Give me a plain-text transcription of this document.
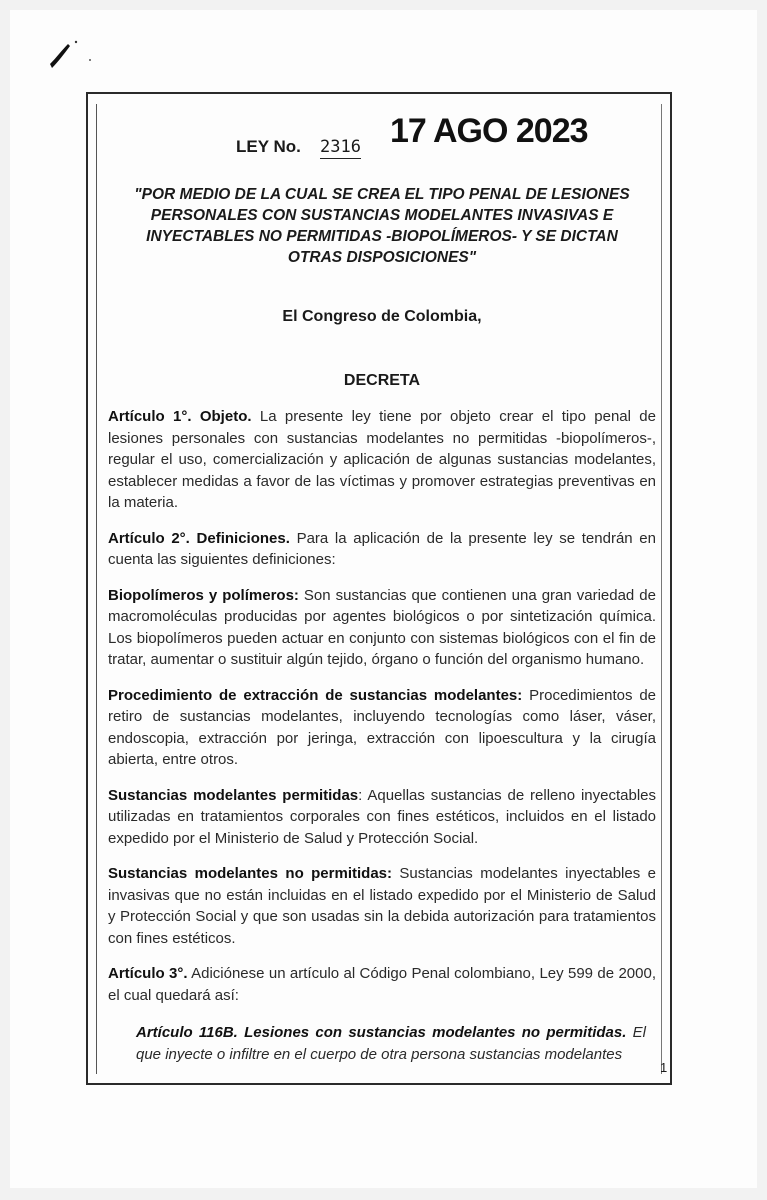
LEY No. 2316 17 AGO 2023
"POR MEDIO DE LA CUAL SE CREA EL TIPO PENAL DE LESIONES PERSONALES CON SUSTANCIAS MODELANTES INVASIVAS E INYECTABLES NO PERMITIDAS -BIOPOLÍMEROS- Y SE DICTAN OTRAS DISPOSICIONES"
El Congreso de Colombia,
DECRETA

Artículo 1°. Objeto. La presente ley tiene por objeto crear el tipo penal de lesiones personales con sustancias modelantes no permitidas -biopolímeros-, regular el uso, comercialización y aplicación de algunas sustancias modelantes, establecer medidas a favor de las víctimas y promover estrategias preventivas en la materia.

Artículo 2°. Definiciones. Para la aplicación de la presente ley se tendrán en cuenta las siguientes definiciones:

Biopolímeros y polímeros: Son sustancias que contienen una gran variedad de macromoléculas producidas por agentes biológicos o por sintetización química. Los biopolímeros pueden actuar en conjunto con sistemas biológicos con el fin de tratar, aumentar o sustituir algún tejido, órgano o función del organismo humano.

Procedimiento de extracción de sustancias modelantes: Procedimientos de retiro de sustancias modelantes, incluyendo tecnologías como láser, váser, endoscopia, extracción por jeringa, extracción con lipoescultura y la cirugía abierta, entre otros.

Sustancias modelantes permitidas: Aquellas sustancias de relleno inyectables utilizadas en tratamientos corporales con fines estéticos, incluidos en el listado expedido por el Ministerio de Salud y Protección Social.

Sustancias modelantes no permitidas: Sustancias modelantes inyectables e invasivas que no están incluidas en el listado expedido por el Ministerio de Salud y Protección Social y que son usadas sin la debida autorización para tratamientos con fines estéticos.

Artículo 3°. Adiciónese un artículo al Código Penal colombiano, Ley 599 de 2000, el cual quedará así:

Artículo 116B. Lesiones con sustancias modelantes no permitidas. El que inyecte o infiltre en el cuerpo de otra persona sustancias modelantes

1
